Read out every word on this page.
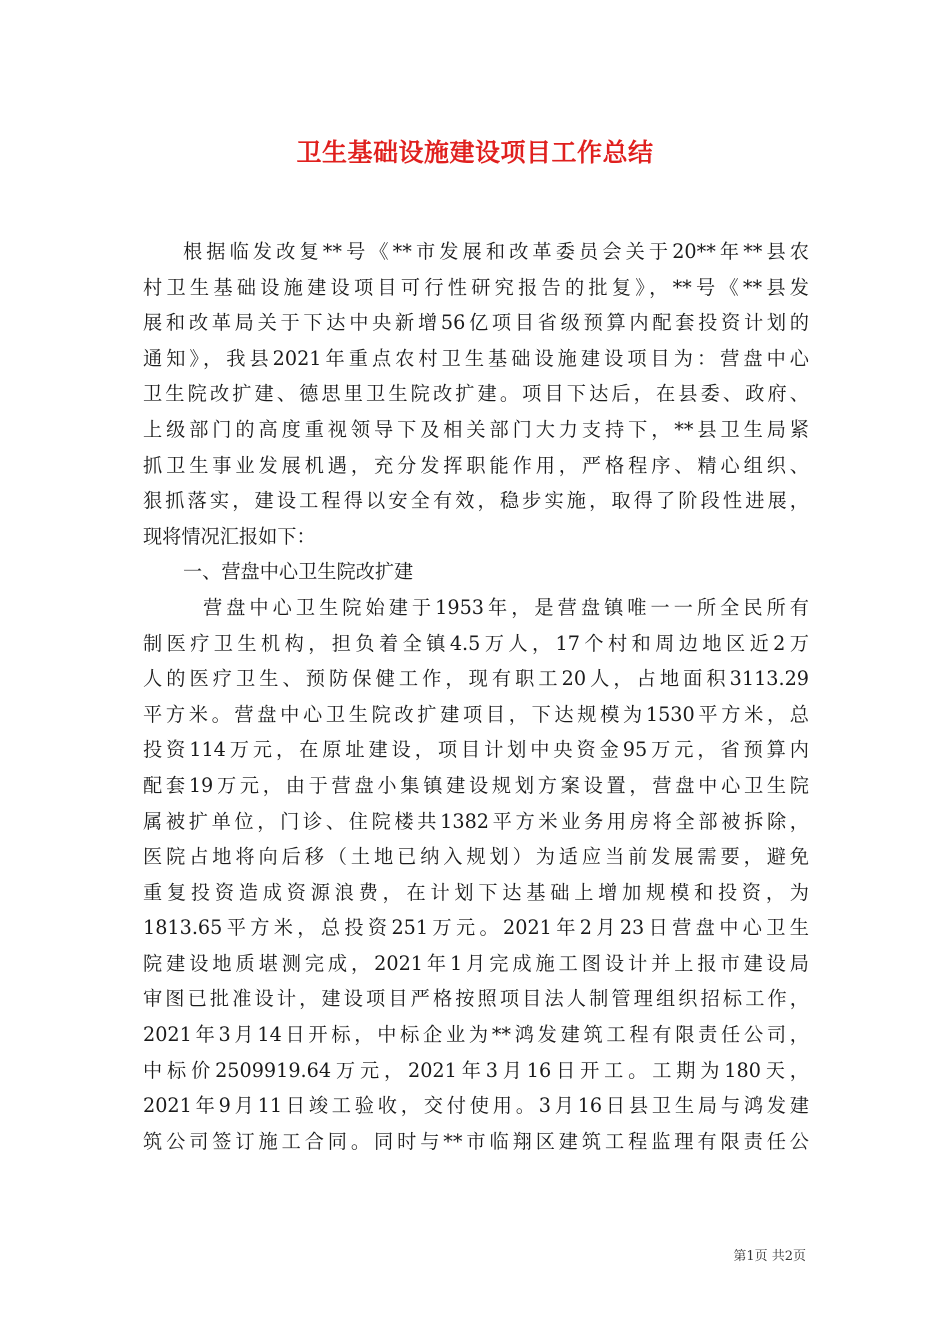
卫生基础设施建设项目工作总结
根据临发改复**号《**市发展和改革委员会关于20**年**县农
村卫生基础设施建设项目可行性研究报告的批复》，**号《**县发
展和改革局关于下达中央新增56亿项目省级预算内配套投资计划的
通知》，我县2021年重点农村卫生基础设施建设项目为：营盘中心
卫生院改扩建、德思里卫生院改扩建。项目下达后，在县委、政府、
上级部门的高度重视领导下及相关部门大力支持下，**县卫生局紧
抓卫生事业发展机遇，充分发挥职能作用，严格程序、精心组织、
狠抓落实，建设工程得以安全有效，稳步实施，取得了阶段性进展，
现将情况汇报如下：
一、营盘中心卫生院改扩建
营盘中心卫生院始建于1953年，是营盘镇唯一一所全民所有
制医疗卫生机构，担负着全镇4.5万人，17个村和周边地区近2万
人的医疗卫生、预防保健工作，现有职工20人，占地面积3113.29
平方米。营盘中心卫生院改扩建项目，下达规模为1530平方米，总
投资114万元，在原址建设，项目计划中央资金95万元，省预算内
配套19万元，由于营盘小集镇建设规划方案设置，营盘中心卫生院
属被扩单位，门诊、住院楼共1382平方米业务用房将全部被拆除，
医院占地将向后移（土地已纳入规划）为适应当前发展需要，避免
重复投资造成资源浪费，在计划下达基础上增加规模和投资，为
1813.65平方米，总投资251万元。2021年2月23日营盘中心卫生
院建设地质堪测完成，2021年1月完成施工图设计并上报市建设局
审图已批准设计，建设项目严格按照项目法人制管理组织招标工作，
2021年3月14日开标，中标企业为**鸿发建筑工程有限责任公司，
中标价2509919.64万元，2021年3月16日开工。工期为180天，
2021年9月11日竣工验收，交付使用。3月16日县卫生局与鸿发建
筑公司签订施工合同。同时与**市临翔区建筑工程监理有限责任公
第1页 共2页
